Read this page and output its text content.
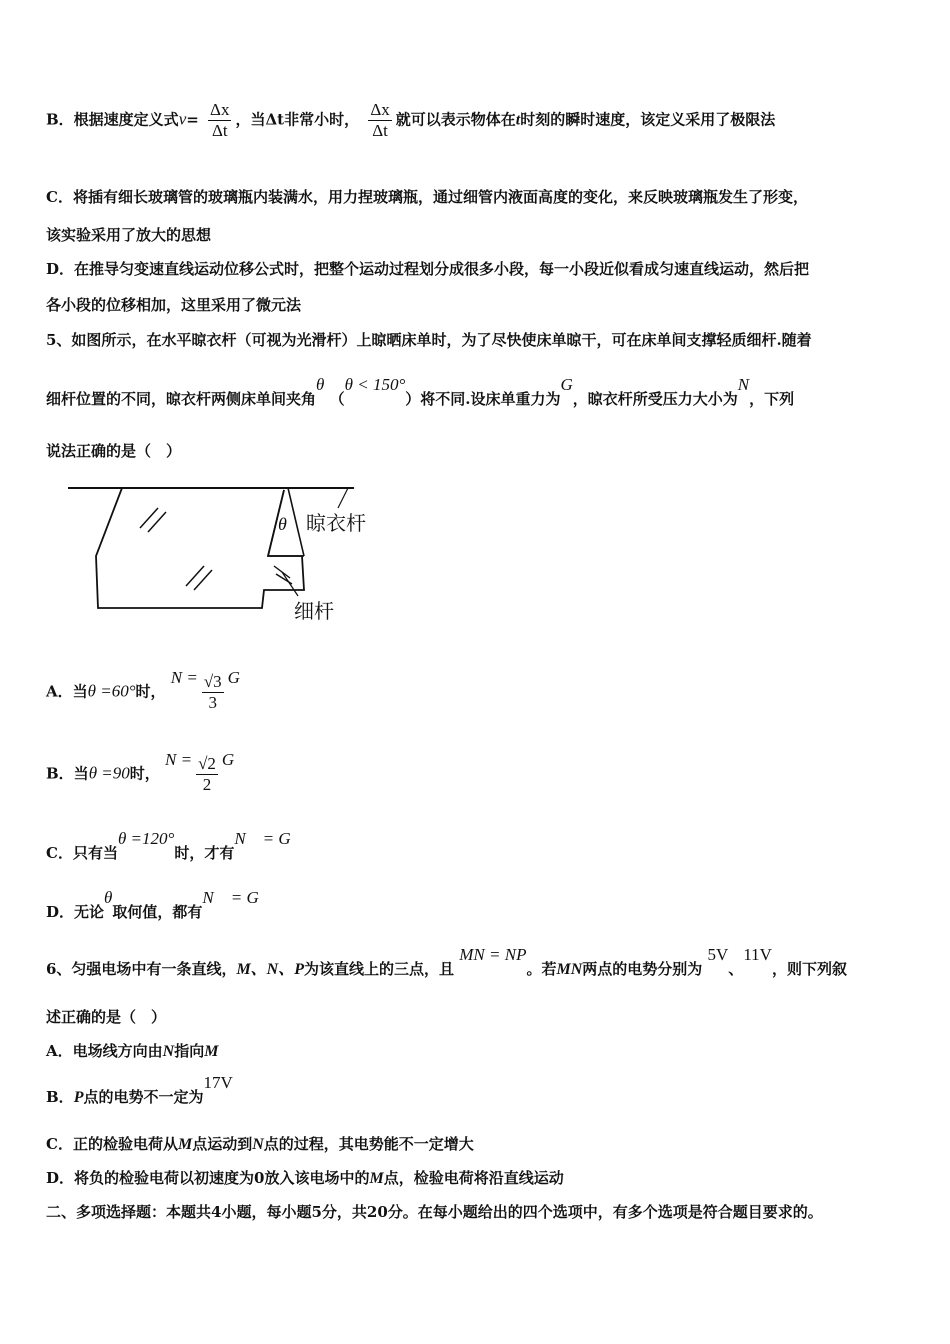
B．根据速度定义式$v= \frac{\Delta x}{\Delta t}$ ，当Δt非常小时， $\frac{\Delta x}{\Delta t}$ 就可以表示物体在t时刻的瞬时速度，该定义采用了极限法
C．将插有细长玻璃管的玻璃瓶内装满水，用力捏玻璃瓶，通过细管内液面高度的变化，来反映玻璃瓶发生了形变，
该实验采用了放大的思想
D．在推导匀变速直线运动位移公式时，把整个运动过程划分成很多小段，每一小段近似看成匀速直线运动，然后把
各小段的位移相加，这里采用了微元法
5、如图所示，在水平晾衣杆（可视为光滑杆）上晾晒床单时，为了尽快使床单晾干，可在床单间支撑轻质细杆.随着
细杆位置的不同，晾衣杆两侧床单间夹角θ （θ < 150°）将不同.设床单重力为G，晾衣杆所受压力大小为N，下列
说法正确的是（　）
θ 晾衣杆
细杆
A．当θ =60°时， $N = \frac{√3}{3}$ G
B．当θ =90时， $N = \frac{√2}{2}$ G
C．只有当θ =120°时，才有N　= G
D．无论θ取何值，都有N　= G
6、匀强电场中有一条直线，M、N、P为该直线上的三点，且 MN = NP。若MN两点的电势分别为 5V、11V，则下列叙
述正确的是（　）
A．电场线方向由N指向M
B．P点的电势不一定为17V
C．正的检验电荷从M点运动到N点的过程，其电势能不一定增大
D．将负的检验电荷以初速度为0放入该电场中的M点，检验电荷将沿直线运动
二、多项选择题：本题共4小题，每小题5分，共20分。在每小题给出的四个选项中，有多个选项是符合题目要求的。
